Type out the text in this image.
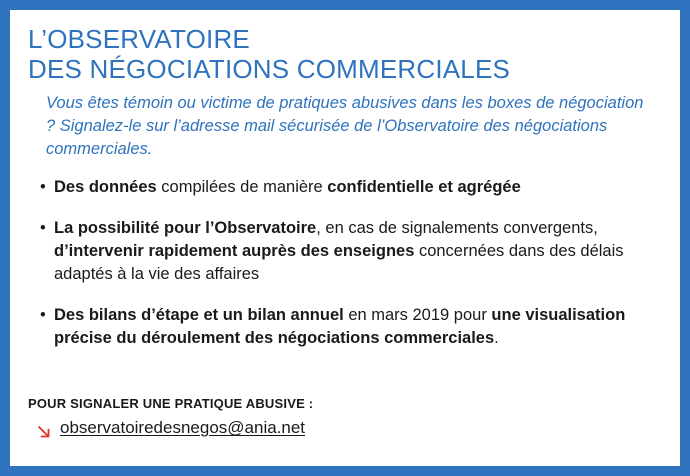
L’OBSERVATOIRE
DES NÉGOCIATIONS COMMERCIALES

Vous êtes témoin ou victime de pratiques abusives dans les boxes de négociation ? Signalez-le sur l’adresse mail sécurisée de l’Observatoire des négociations commerciales.

• Des données compilées de manière confidentielle et agrégée
• La possibilité pour l’Observatoire, en cas de signalements convergents, d’intervenir rapidement auprès des enseignes concernées dans des délais adaptés à la vie des affaires
• Des bilans d’étape et un bilan annuel en mars 2019 pour une visualisation précise du déroulement des négociations commerciales.

POUR SIGNALER UNE PRATIQUE ABUSIVE :

observatoiredesnegos@ania.net
